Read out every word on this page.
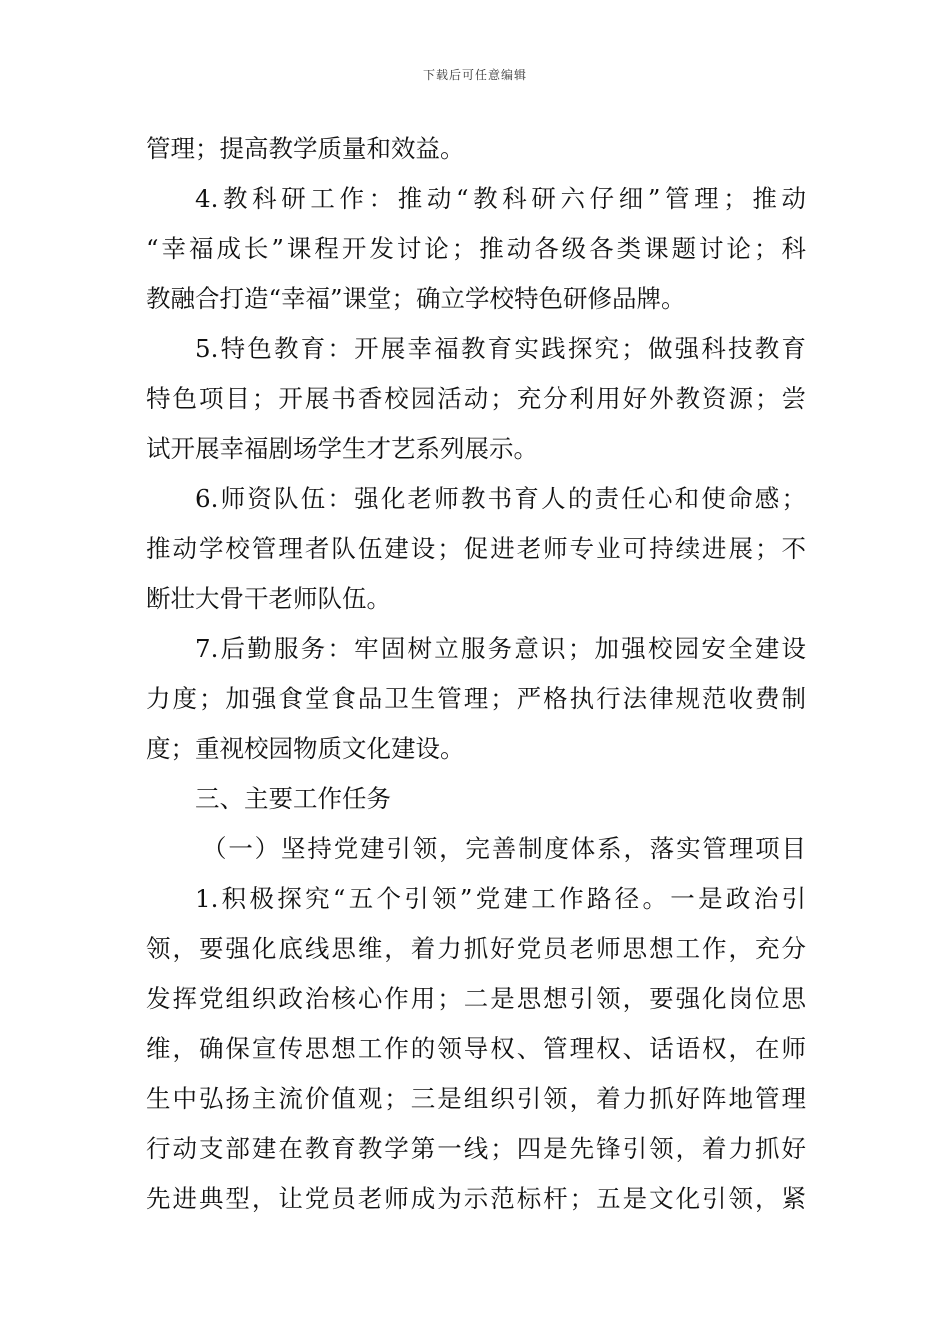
下载后可任意编辑
管理；提高教学质量和效益。
4.教科研工作：推动“教科研六仔细”管理；推动
“幸福成长”课程开发讨论；推动各级各类课题讨论；科
教融合打造“幸福”课堂；确立学校特色研修品牌。
5.特色教育：开展幸福教育实践探究；做强科技教育
特色项目；开展书香校园活动；充分利用好外教资源；尝
试开展幸福剧场学生才艺系列展示。
6.师资队伍：强化老师教书育人的责任心和使命感；
推动学校管理者队伍建设；促进老师专业可持续进展；不
断壮大骨干老师队伍。
7.后勤服务：牢固树立服务意识；加强校园安全建设
力度；加强食堂食品卫生管理；严格执行法律规范收费制
度；重视校园物质文化建设。
三、主要工作任务
（一）坚持党建引领，完善制度体系，落实管理项目
1.积极探究“五个引领”党建工作路径。一是政治引
领，要强化底线思维，着力抓好党员老师思想工作，充分
发挥党组织政治核心作用；二是思想引领，要强化岗位思
维，确保宣传思想工作的领导权、管理权、话语权，在师
生中弘扬主流价值观；三是组织引领，着力抓好阵地管理
行动支部建在教育教学第一线；四是先锋引领，着力抓好
先进典型，让党员老师成为示范标杆；五是文化引领，紧
